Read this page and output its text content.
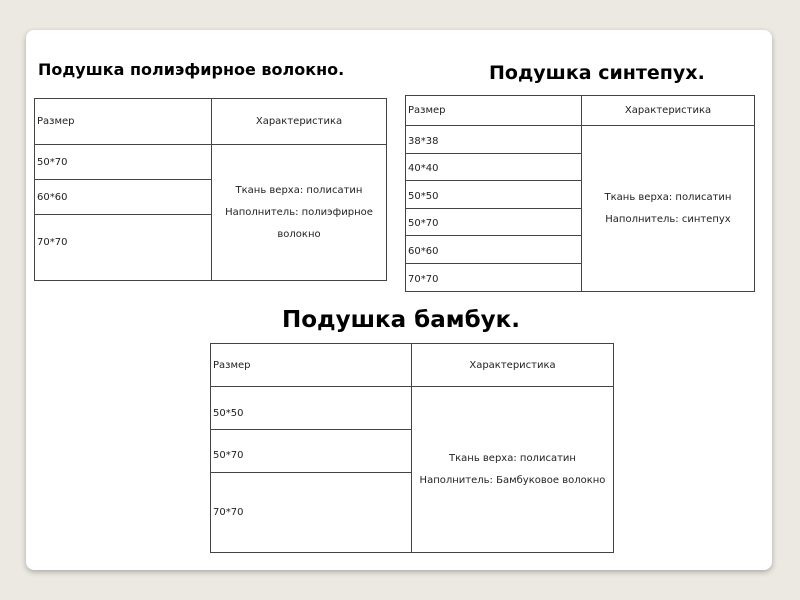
Подушка полиэфирное волокно.	Подушка синтепух.
Подушка бамбук.
Размер	Характеристика
50*70	Ткань верха: полисатин
Наполнитель: полиэфирное волокно

60*60	
70*70	
Размер	Характеристика
38*38	Ткань верха: полисатин
Наполнитель: синтепух

40*40	
50*50	
50*70	
60*60	
70*70	
Размер	Характеристика
50*50	Ткань верха: полисатин
Наполнитель: Бамбуковое волокно

50*70	
70*70	
